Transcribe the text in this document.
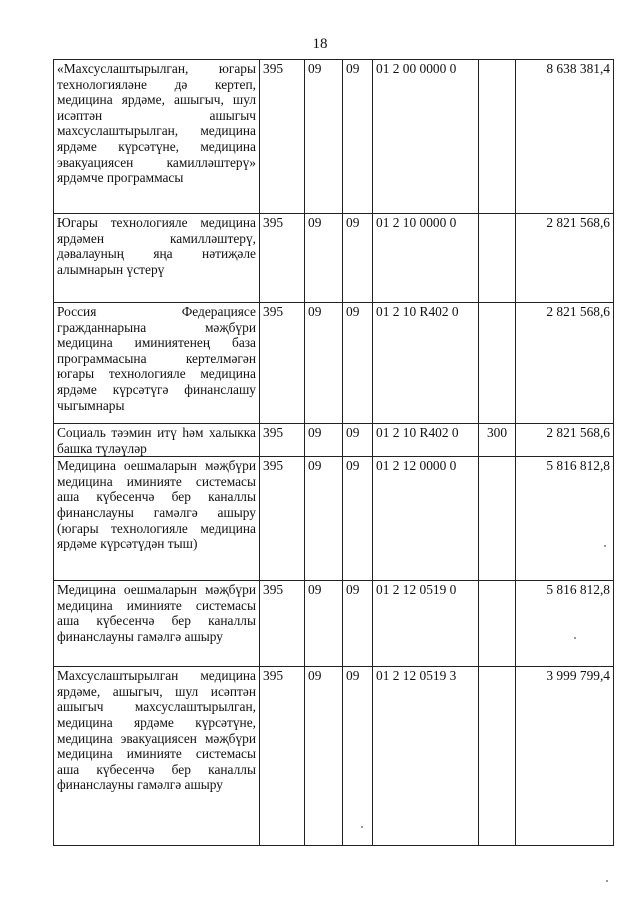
18
«Махсуслаштырылган, югары технологияләне дә кертеп, медицина ярдәме, ашыгыч, шул исәптән ашыгыч махсуслаштырылган, медицина ярдәме күрсәтүне, медицина эвакуациясен камилләштерү» ярдәмче программасы	395	09	09	01 2 00 0000 0		8 638 381,4
Югары технологияле медицина ярдәмен камилләштерү, дәвалауның яңа нәтиҗәле алымнарын үстерү	395	09	09	01 2 10 0000 0		2 821 568,6
Россия Федерациясе гражданнарына мәҗбүри медицина иминиятенең база программасына кертелмәгән югары технологияле медицина ярдәме күрсәтүгә финанслашу чыгымнары	395	09	09	01 2 10 R402 0		2 821 568,6
Социаль тәэмин итү һәм халыкка башка түләүләр	395	09	09	01 2 10 R402 0	300	2 821 568,6
Медицина оешмаларын мәҗбүри медицина иминияте системасы аша күбесенчә бер каналлы финанслауны гамәлгә ашыру (югары технологияле медицина ярдәме күрсәтүдән тыш)	395	09	09	01 2 12 0000 0		5 816 812,8
Медицина оешмаларын мәҗбүри медицина иминияте системасы аша күбесенчә бер каналлы финанслауны гамәлгә ашыру	395	09	09	01 2 12 0519 0		5 816 812,8
Махсуслаштырылган медицина ярдәме, ашыгыч, шул исәптән ашыгыч махсуслаштырылган, медицина ярдәме күрсәтүне, медицина эвакуациясен мәҗбүри медицина иминияте системасы аша күбесенчә бер каналлы финанслауны гамәлгә ашыру	395	09	09	01 2 12 0519 3		3 999 799,4
